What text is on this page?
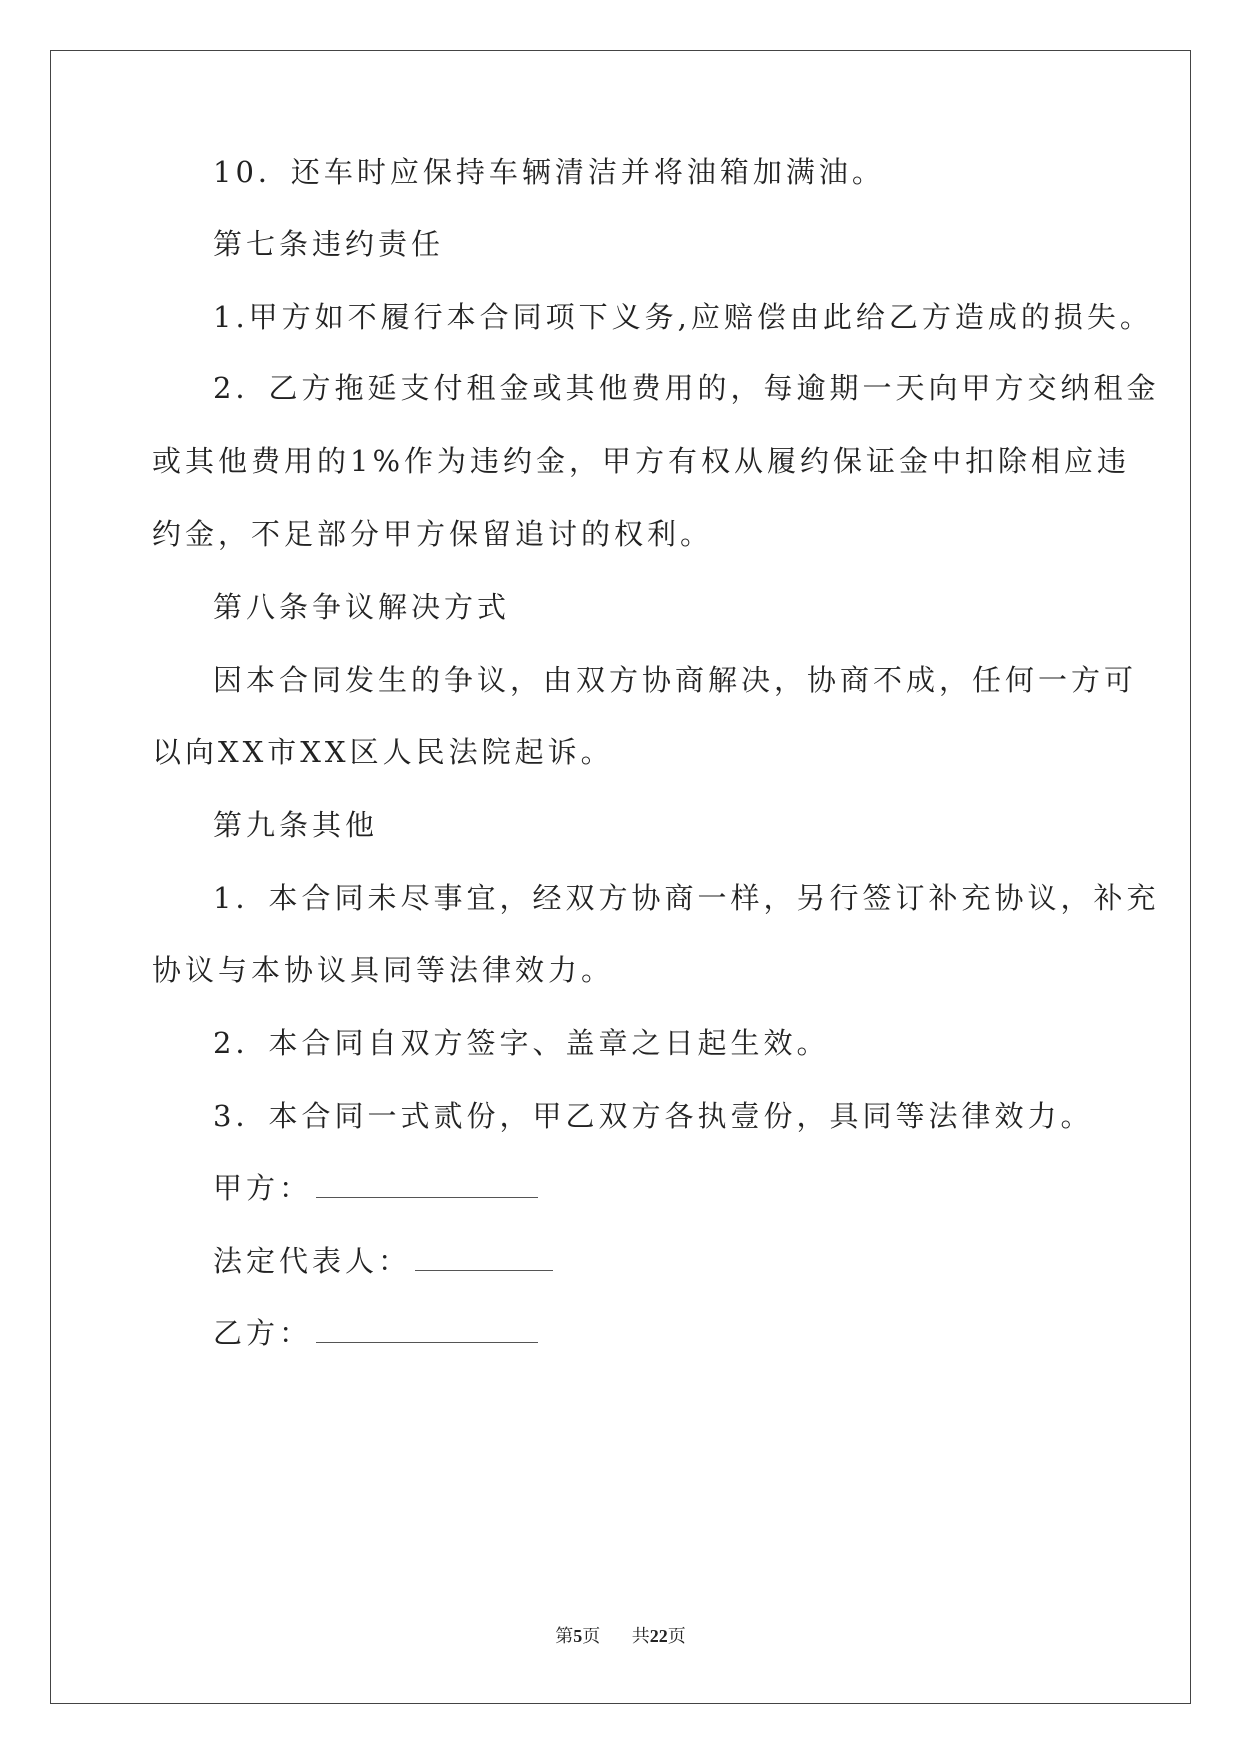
10．还车时应保持车辆清洁并将油箱加满油。
第七条违约责任
1.甲方如不履行本合同项下义务,应赔偿由此给乙方造成的损失。
2．乙方拖延支付租金或其他费用的，每逾期一天向甲方交纳租金
或其他费用的1%作为违约金，甲方有权从履约保证金中扣除相应违
约金，不足部分甲方保留追讨的权利。
第八条争议解决方式
因本合同发生的争议，由双方协商解决，协商不成，任何一方可
以向XX市XX区人民法院起诉。
第九条其他
1．本合同未尽事宜，经双方协商一样，另行签订补充协议，补充
协议与本协议具同等法律效力。
2．本合同自双方签字、盖章之日起生效。
3．本合同一式贰份，甲乙双方各执壹份，具同等法律效力。
甲方：
法定代表人：
乙方：
第5页 共22页
